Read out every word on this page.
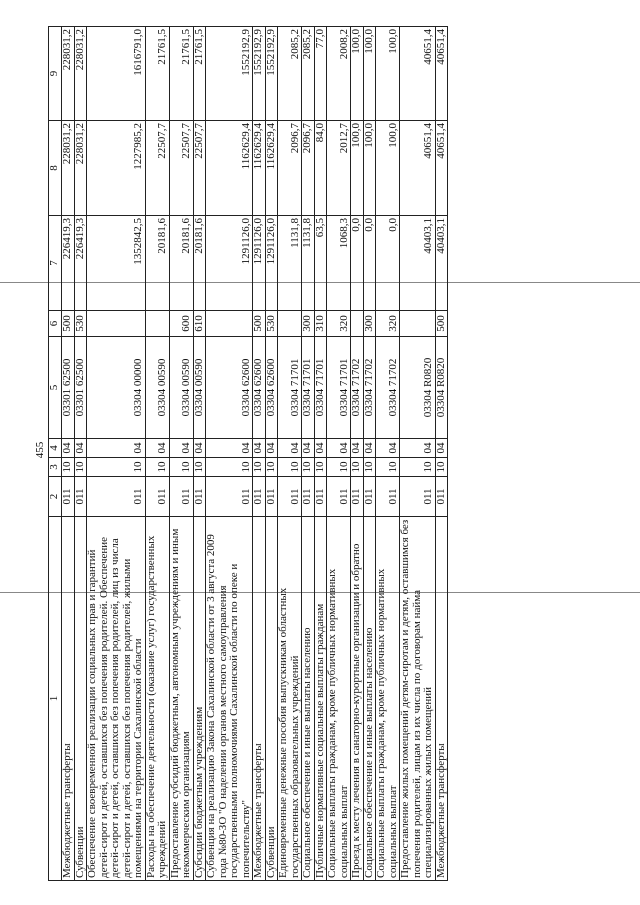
455
1	2	3	4	5	6	7	8	9
Межбюджетные трансферты	011	10	04	03301 62500	500	226419,3	228031,2	228031,2
Субвенции	011	10	04	03301 62500	530	226419,3	228031,2	228031,2
Обеспечение своевременной реализации социальных прав и гарантий детей-сирот и детей, оставшихся без попечения родителей. Обеспечение детей-сирот и детей, оставшихся без попечения родителей, лиц из числа детей-сирот и детей, оставшихся без попечения родителей, жилыми помещениями на территории Сахалинской области	011	10	04	03304 00000		1352842,5	1227985,2	1616791,0
Расходы на обеспечение деятельности (оказание услуг) государственных учреждений	011	10	04	03304 00590		20181,6	22507,7	21761,5
Предоставление субсидий бюджетным, автономным учреждениям и иным некоммерческим организациям	011	10	04	03304 00590	600	20181,6	22507,7	21761,5
Субсидии бюджетным учреждениям	011	10	04	03304 00590	610	20181,6	22507,7	21761,5
Субвенция на реализацию Закона Сахалинской области от 3 августа 2009 года №80-ЗО "О наделении органов местного самоуправления государственными полномочиями Сахалинской области по опеке и попечительству"	011	10	04	03304 62600		1291126,0	1162629,4	1552192,9
Межбюджетные трансферты	011	10	04	03304 62600	500	1291126,0	1162629,4	1552192,9
Субвенции	011	10	04	03304 62600	530	1291126,0	1162629,4	1552192,9
Единовременные денежные пособия выпускникам областных государственных образовательных учреждений	011	10	04	03304 71701		1131,8	2096,7	2085,2
Социальное обеспечение и иные выплаты населению	011	10	04	03304 71701	300	1131,8	2096,7	2085,2
Публичные нормативные социальные выплаты гражданам	011	10	04	03304 71701	310	63,5	84,0	77,0
Социальные выплаты гражданам, кроме публичных нормативных социальных выплат	011	10	04	03304 71701	320	1068,3	2012,7	2008,2
Проезд к месту лечения в санаторно-курортные организации и обратно	011	10	04	03304 71702		0,0	100,0	100,0
Социальное обеспечение и иные выплаты населению	011	10	04	03304 71702	300	0,0	100,0	100,0
Социальные выплаты гражданам, кроме публичных нормативных социальных выплат	011	10	04	03304 71702	320	0,0	100,0	100,0
Предоставление жилых помещений детям-сиротам и детям, оставшимся без попечения родителей, лицам из их числа по договорам найма специализированных жилых помещений	011	10	04	03304 R0820		40403,1	40651,4	40651,4
Межбюджетные трансферты	011	10	04	03304 R0820	500	40403,1	40651,4	40651,4
